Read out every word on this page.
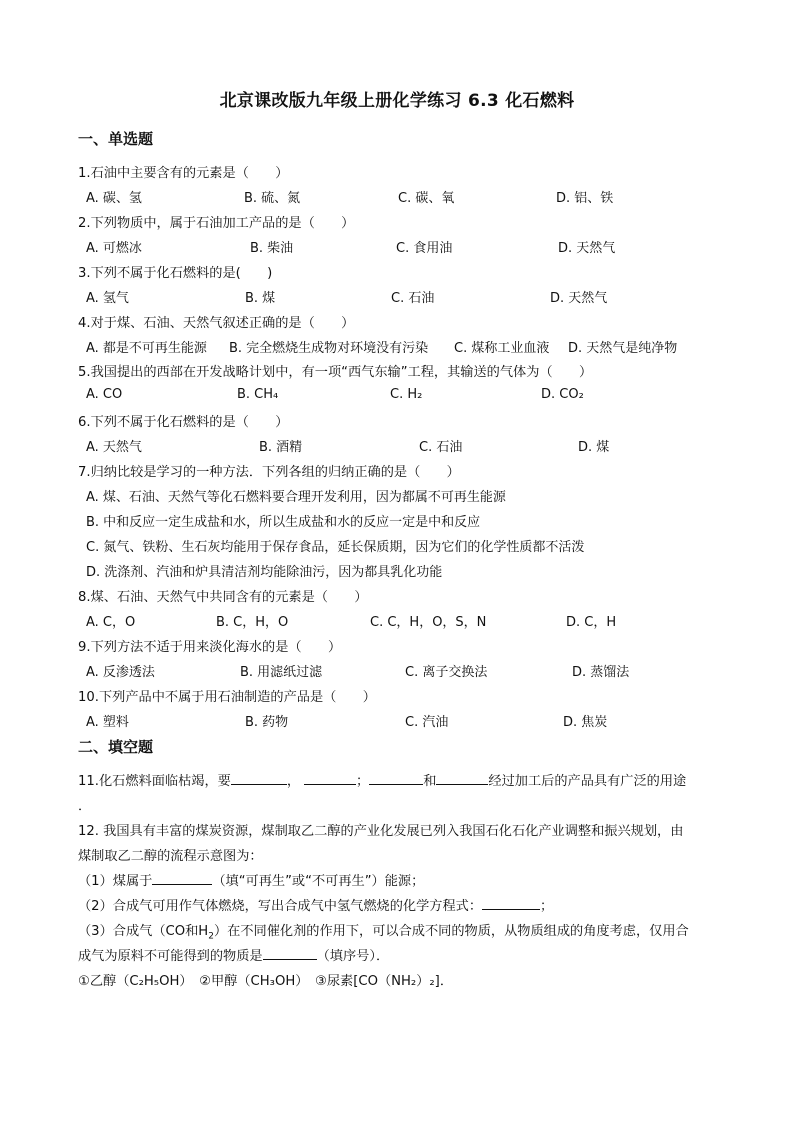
北京课改版九年级上册化学练习 6.3 化石燃料
一、单选题
1.石油中主要含有的元素是（　　）
A. 碳、氢	B. 硫、氮	C. 碳、氧	D. 铝、铁
2.下列物质中，属于石油加工产品的是（　　）
A. 可燃冰	B. 柴油	C. 食用油	D. 天然气
3.下列不属于化石燃料的是(　　)
A. 氢气	B. 煤	C. 石油	D. 天然气
4.对于煤、石油、天然气叙述正确的是（　　）
A. 都是不可再生能源 B. 完全燃烧生成物对环境没有污染 C. 煤称工业血液 D. 天然气是纯净物
5.我国提出的西部在开发战略计划中，有一项“西气东输”工程，其输送的气体为（　　）
A. CO	B. CH₄	C. H₂	D. CO₂
6.下列不属于化石燃料的是（　　）
A. 天然气	B. 酒精	C. 石油	D. 煤
7.归纳比较是学习的一种方法．下列各组的归纳正确的是（　　）
A. 煤、石油、天然气等化石燃料要合理开发利用，因为都属不可再生能源
B. 中和反应一定生成盐和水，所以生成盐和水的反应一定是中和反应
C. 氮气、铁粉、生石灰均能用于保存食品，延长保质期，因为它们的化学性质都不活泼
D. 洗涤剂、汽油和炉具清洁剂均能除油污，因为都具乳化功能
8.煤、石油、天然气中共同含有的元素是（　　）
A. C，O	B. C，H，O	C. C，H，O，S，N	D. C，H
9.下列方法不适于用来淡化海水的是（　　）
A. 反渗透法	B. 用滤纸过滤	C. 离子交换法	D. 蒸馏法
10.下列产品中不属于用石油制造的产品是（　　）
A. 塑料	B. 药物	C. 汽油	D. 焦炭
二、填空题
11.化石燃料面临枯竭，要	，	；	和	经过加工后的产品具有广泛的用途
．
12. 我国具有丰富的煤炭资源，煤制取乙二醇的产业化发展已列入我国石化石化产业调整和振兴规划，由
煤制取乙二醇的流程示意图为：
（1）煤属于	（填“可再生”或“不可再生”）能源；
（2）合成气可用作气体燃烧，写出合成气中氢气燃烧的化学方程式：	；
（3）合成气（CO和$H_2$）在不同催化剂的作用下，可以合成不同的物质，从物质组成的角度考虑，仅用合
成气为原料不可能得到的物质是	（填序号）．
①乙醇（C₂H₅OH）　②甲醇（CH₃OH）　③尿素[CO（NH₂）₂]．
